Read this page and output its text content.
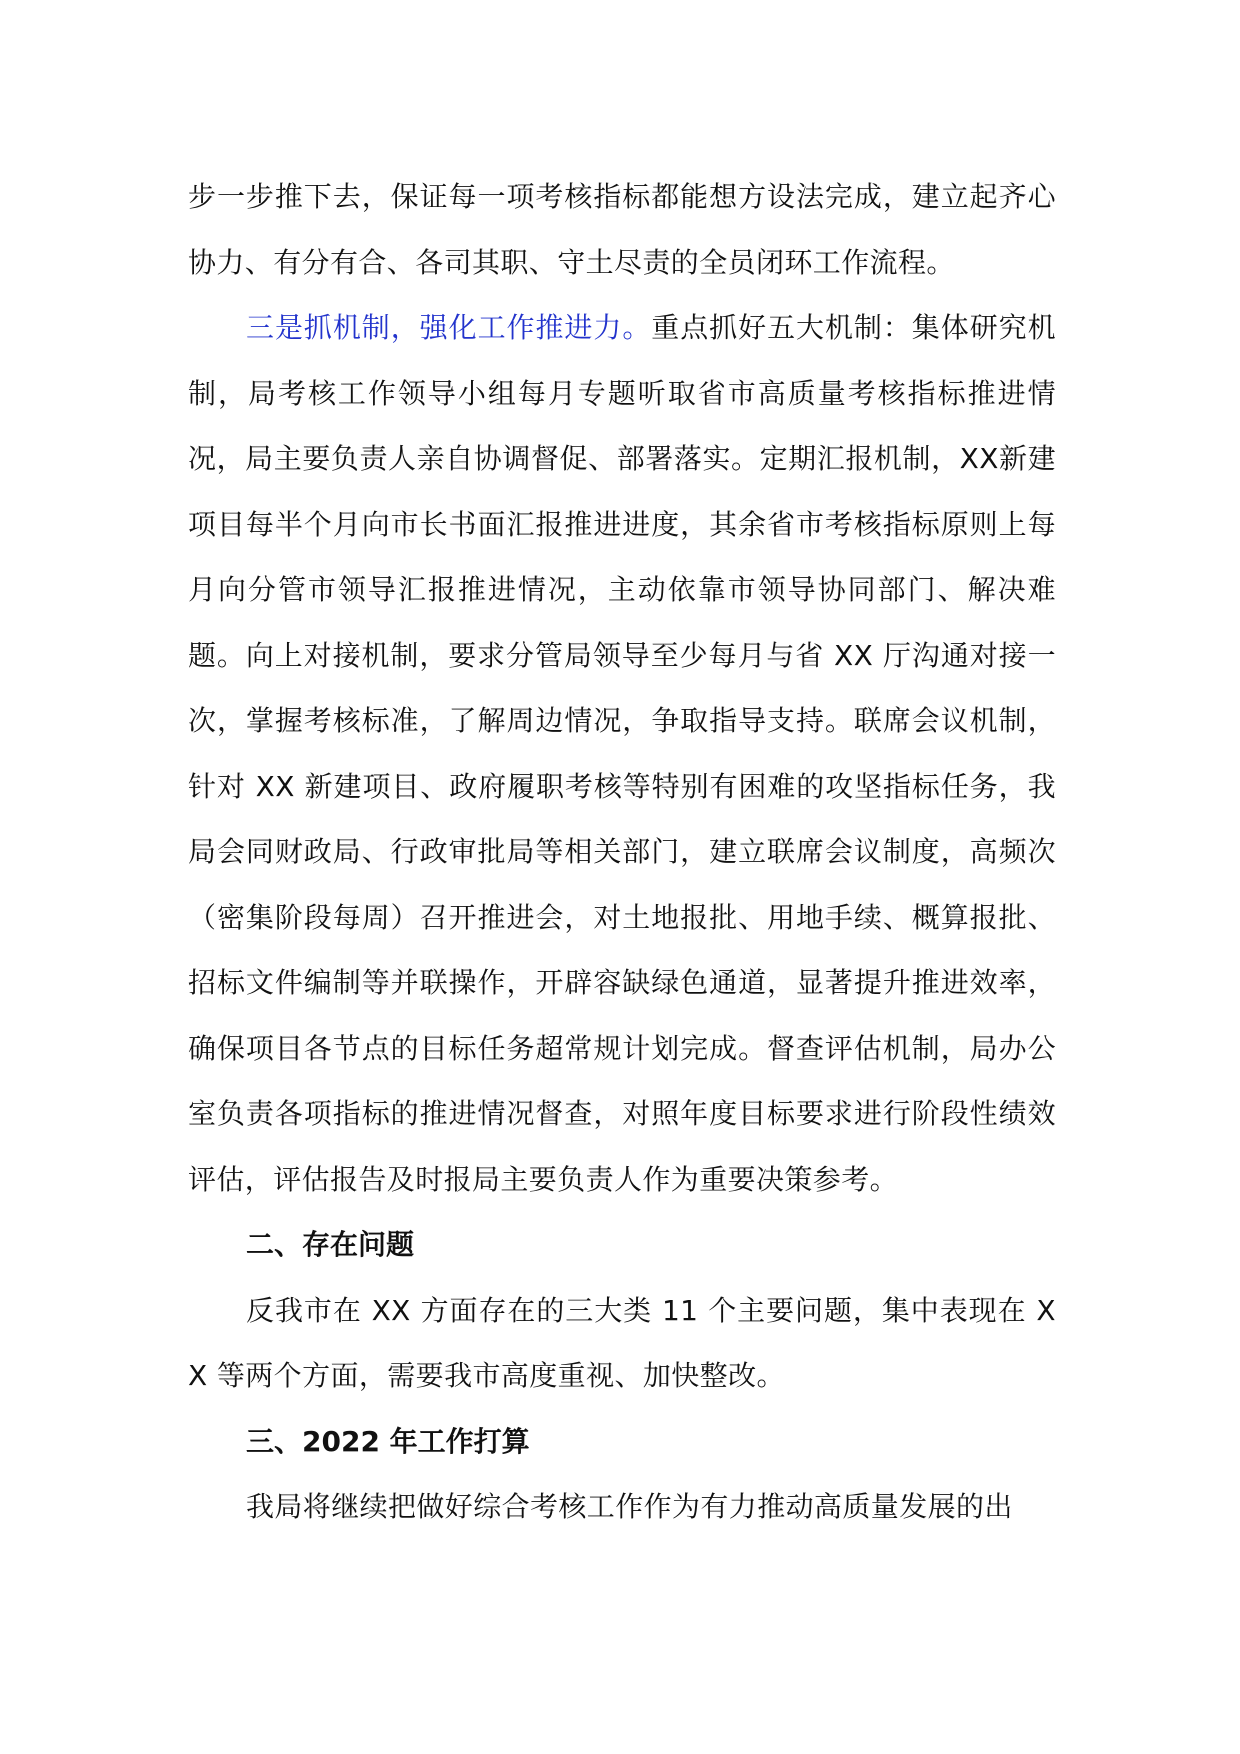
步一步推下去，保证每一项考核指标都能想方设法完成，建立起齐心协力、有分有合、各司其职、守土尽责的全员闭环工作流程。

三是抓机制，强化工作推进力。重点抓好五大机制：集体研究机制，局考核工作领导小组每月专题听取省市高质量考核指标推进情况，局主要负责人亲自协调督促、部署落实。定期汇报机制，XX新建项目每半个月向市长书面汇报推进进度，其余省市考核指标原则上每月向分管市领导汇报推进情况，主动依靠市领导协同部门、解决难题。向上对接机制，要求分管局领导至少每月与省 XX 厅沟通对接一次，掌握考核标准，了解周边情况，争取指导支持。联席会议机制，针对 XX 新建项目、政府履职考核等特别有困难的攻坚指标任务，我局会同财政局、行政审批局等相关部门，建立联席会议制度，高频次（密集阶段每周）召开推进会，对土地报批、用地手续、概算报批、招标文件编制等并联操作，开辟容缺绿色通道，显著提升推进效率，确保项目各节点的目标任务超常规计划完成。督查评估机制，局办公室负责各项指标的推进情况督查，对照年度目标要求进行阶段性绩效评估，评估报告及时报局主要负责人作为重要决策参考。

二、存在问题

反我市在 XX 方面存在的三大类 11 个主要问题，集中表现在 XX 等两个方面，需要我市高度重视、加快整改。

三、2022 年工作打算

我局将继续把做好综合考核工作作为有力推动高质量发展的出
